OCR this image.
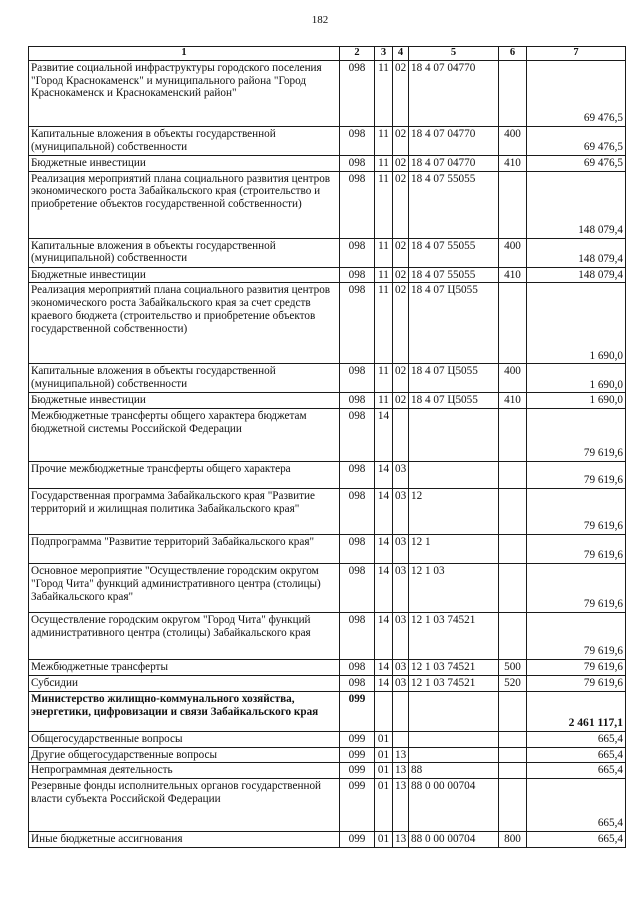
182
1	2	3	4	5	6	7
Развитие социальной инфраструктуры городского поселения "Город Краснокаменск" и муниципального района "Город Краснокаменск и Краснокаменский район"	098	11	02	18 4 07 04770		69 476,5
Капитальные вложения в объекты государственной (муниципальной) собственности	098	11	02	18 4 07 04770	400	69 476,5
Бюджетные инвестиции	098	11	02	18 4 07 04770	410	69 476,5
Реализация мероприятий плана социального развития центров экономического роста Забайкальского края (строительство и приобретение объектов государственной собственности)	098	11	02	18 4 07 55055		148 079,4
Капитальные вложения в объекты государственной (муниципальной) собственности	098	11	02	18 4 07 55055	400	148 079,4
Бюджетные инвестиции	098	11	02	18 4 07 55055	410	148 079,4
Реализация мероприятий плана социального развития центров экономического роста Забайкальского края за счет средств краевого бюджета (строительство и приобретение объектов государственной собственности)	098	11	02	18 4 07 Ц5055		1 690,0
Капитальные вложения в объекты государственной (муниципальной) собственности	098	11	02	18 4 07 Ц5055	400	1 690,0
Бюджетные инвестиции	098	11	02	18 4 07 Ц5055	410	1 690,0
Межбюджетные трансферты общего характера бюджетам бюджетной системы Российской Федерации	098	14				79 619,6
Прочие межбюджетные трансферты общего характера	098	14	03			79 619,6
Государственная программа Забайкальского края "Развитие территорий и жилищная политика Забайкальского края"	098	14	03	12		79 619,6
Подпрограмма "Развитие территорий Забайкальского края"	098	14	03	12 1		79 619,6
Основное мероприятие "Осуществление городским округом "Город Чита" функций административного центра (столицы) Забайкальского края"	098	14	03	12 1 03		79 619,6
Осуществление городским округом "Город Чита" функций административного центра (столицы) Забайкальского края	098	14	03	12 1 03 74521		79 619,6
Межбюджетные трансферты	098	14	03	12 1 03 74521	500	79 619,6
Субсидии	098	14	03	12 1 03 74521	520	79 619,6
Министерство жилищно-коммунального хозяйства, энергетики, цифровизации и связи Забайкальского края	099					2 461 117,1
Общегосударственные вопросы	099	01				665,4
Другие общегосударственные вопросы	099	01	13			665,4
Непрограммная деятельность	099	01	13	88		665,4
Резервные фонды исполнительных органов государственной власти субъекта Российской Федерации	099	01	13	88 0 00 00704		665,4
Иные бюджетные ассигнования	099	01	13	88 0 00 00704	800	665,4
